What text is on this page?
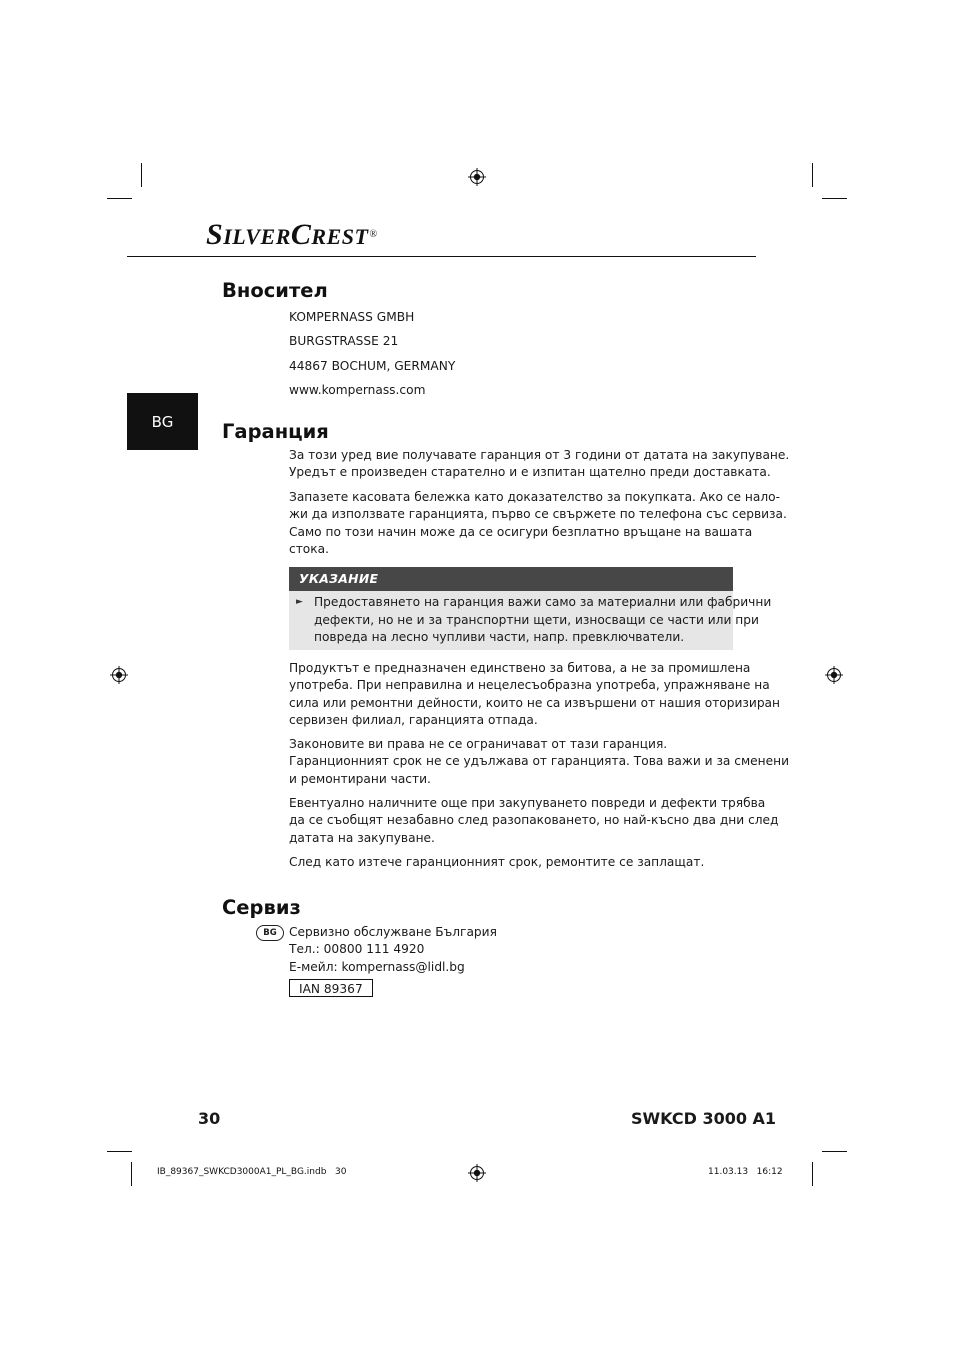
SILVERCREST®
BG
Вносител
KOMPERNASS GMBH
BURGSTRASSE 21
44867 BOCHUM, GERMANY
www.kompernass.com
Гаранция
За този уред вие получавате гаранция от 3 години от датата на закупуване.
Уредът е произведен старателно и е изпитан щателно преди доставката.
Запазете касовата бележка като доказателство за покупката. Ако се нало-
жи да използвате гаранцията, първо се свържете по телефона със сервиза.
Само по този начин може да се осигури безплатно връщане на вашата
стока.
УКАЗАНИЕ
► Предоставянето на гаранция важи само за материални или фабрични
дефекти, но не и за транспортни щети, износващи се части или при
повреда на лесно чупливи части, напр. превключватели.
Продуктът е предназначен единствено за битова, а не за промишлена
употреба. При неправилна и нецелесъобразна употреба, упражняване на
сила или ремонтни дейности, които не са извършени от нашия оторизиран
сервизен филиал, гаранцията отпада.
Законовите ви права не се ограничават от тази гаранция.
Гаранционният срок не се удължава от гаранцията. Това важи и за сменени
и ремонтирани части.
Евентуално наличните още при закупуването повреди и дефекти трябва
да се съобщят незабавно след разопаковането, но най-късно два дни след
датата на закупуване.
След като изтече гаранционният срок, ремонтите се заплащат.
Сервиз
BG	Сервизно обслужване България
Тел.: 00800 111 4920
E-мейл: kompernass@lidl.bg
IAN 89367
30	SWKCD 3000 A1
IB_89367_SWKCD3000A1_PL_BG.indb   30	11.03.13   16:12
